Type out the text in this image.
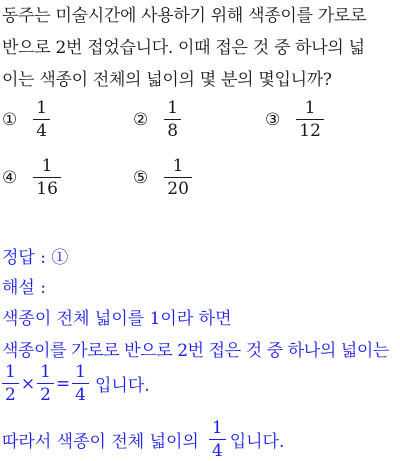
동주는 미술시간에 사용하기 위해 색종이를 가로로
반으로 2번 접었습니다. 이때 접은 것 중 하나의 넓
이는 색종이 전체의 넓이의 몇 분의 몇입니까?
① $\frac{1}{4}$	② $\frac{1}{8}$	③ $\frac{1}{12}$
④ $\frac{1}{16}$	⑤ $\frac{1}{20}$
정답 : ①
해설 :
색종이 전체 넓이를 1이라 하면
색종이를 가로로 반으로 2번 접은 것 중 하나의 넓이는
$\frac{1}{2} \times \frac{1}{2} = \frac{1}{4}$ 입니다.
따라서 색종이 전체 넓이의 $\frac{1}{4}$ 입니다.
